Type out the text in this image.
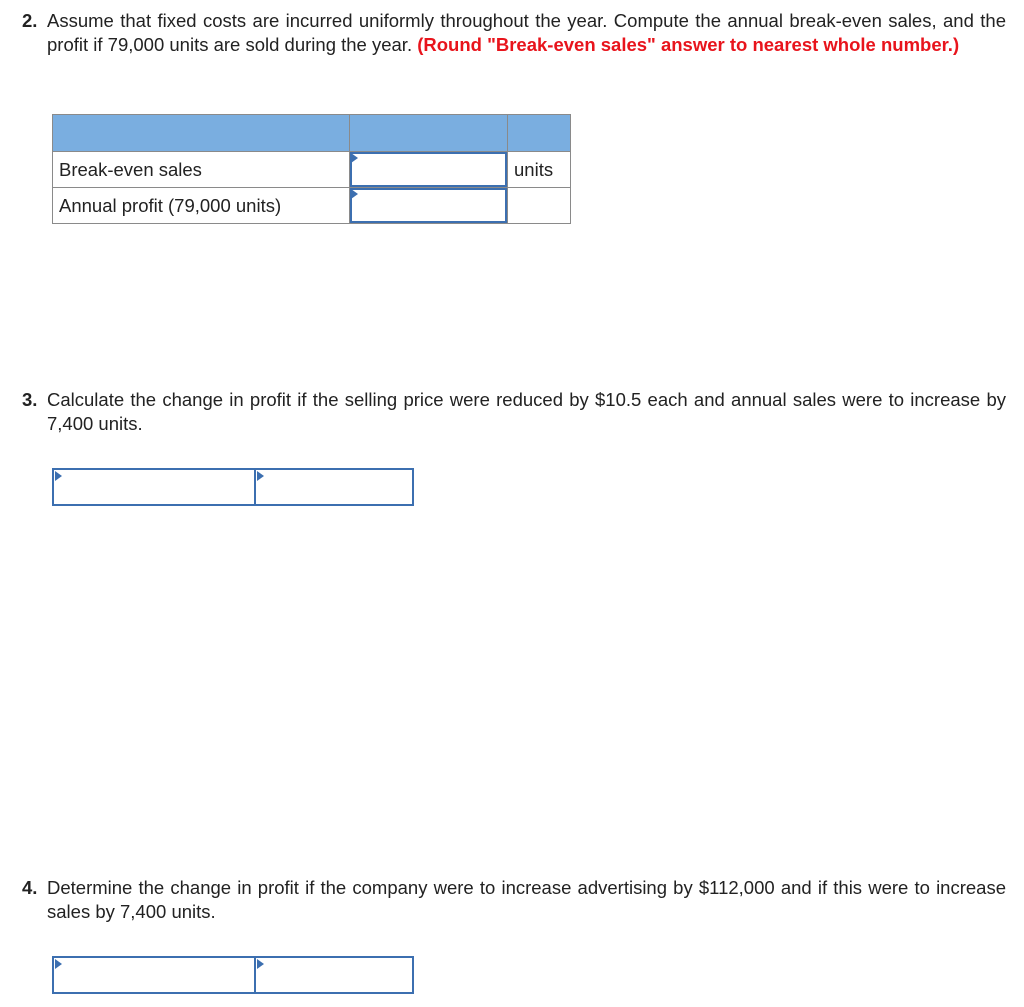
2. Assume that fixed costs are incurred uniformly throughout the year. Compute the annual break-even sales, and the profit if 79,000 units are sold during the year. (Round "Break-even sales" answer to nearest whole number.)

Break-even sales		units
Annual profit (79,000 units)	

3. Calculate the change in profit if the selling price were reduced by $10.5 each and annual sales were to increase by 7,400 units.
4. Determine the change in profit if the company were to increase advertising by $112,000 and if this were to increase sales by 7,400 units.
